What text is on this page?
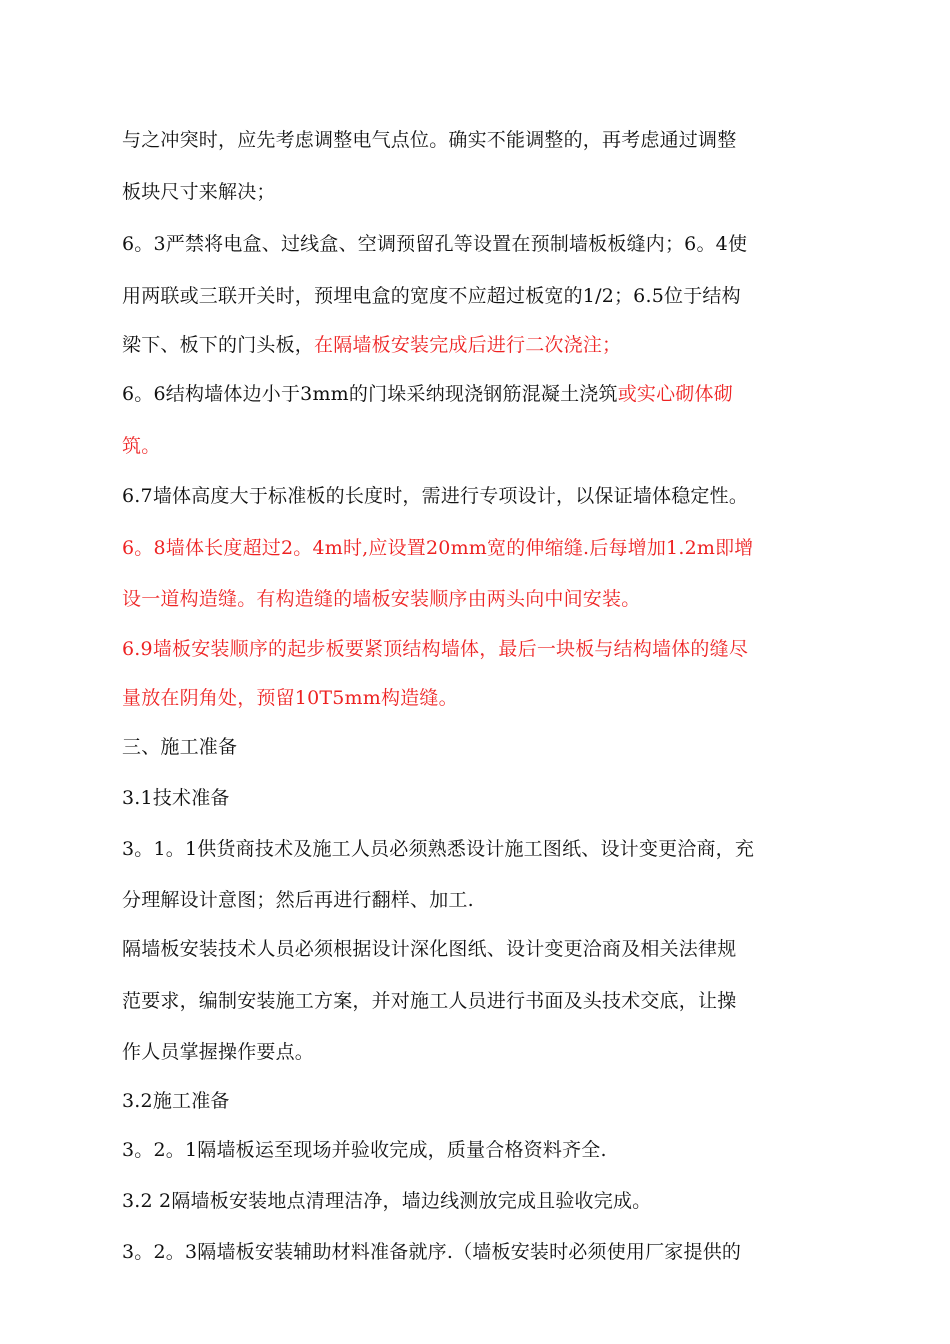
与之冲突时，应先考虑调整电气点位。确实不能调整的，再考虑通过调整
板块尺寸来解决；
6。3严禁将电盒、过线盒、空调预留孔等设置在预制墙板板缝内；6。4使
用两联或三联开关时，预埋电盒的宽度不应超过板宽的1/2；6.5位于结构
梁下、板下的门头板，在隔墙板安装完成后进行二次浇注；
6。6结构墙体边小于3mm的门垛采纳现浇钢筋混凝土浇筑或实心砌体砌
筑。
6.7墙体高度大于标准板的长度时，需进行专项设计，以保证墙体稳定性。
6。8墙体长度超过2。4m时,应设置20mm宽的伸缩缝.后每增加1.2m即增
设一道构造缝。有构造缝的墙板安装顺序由两头向中间安装。
6.9墙板安装顺序的起步板要紧顶结构墙体，最后一块板与结构墙体的缝尽
量放在阴角处，预留10T5mm构造缝。
三、施工准备
3.1技术准备
3。1。1供货商技术及施工人员必须熟悉设计施工图纸、设计变更洽商，充
分理解设计意图；然后再进行翻样、加工.
隔墙板安装技术人员必须根据设计深化图纸、设计变更洽商及相关法律规
范要求，编制安装施工方案，并对施工人员进行书面及头技术交底，让操
作人员掌握操作要点。
3.2施工准备
3。2。1隔墙板运至现场并验收完成，质量合格资料齐全.
3.2 2隔墙板安装地点清理洁净，墙边线测放完成且验收完成。
3。2。3隔墙板安装辅助材料准备就序.（墙板安装时必须使用厂家提供的
